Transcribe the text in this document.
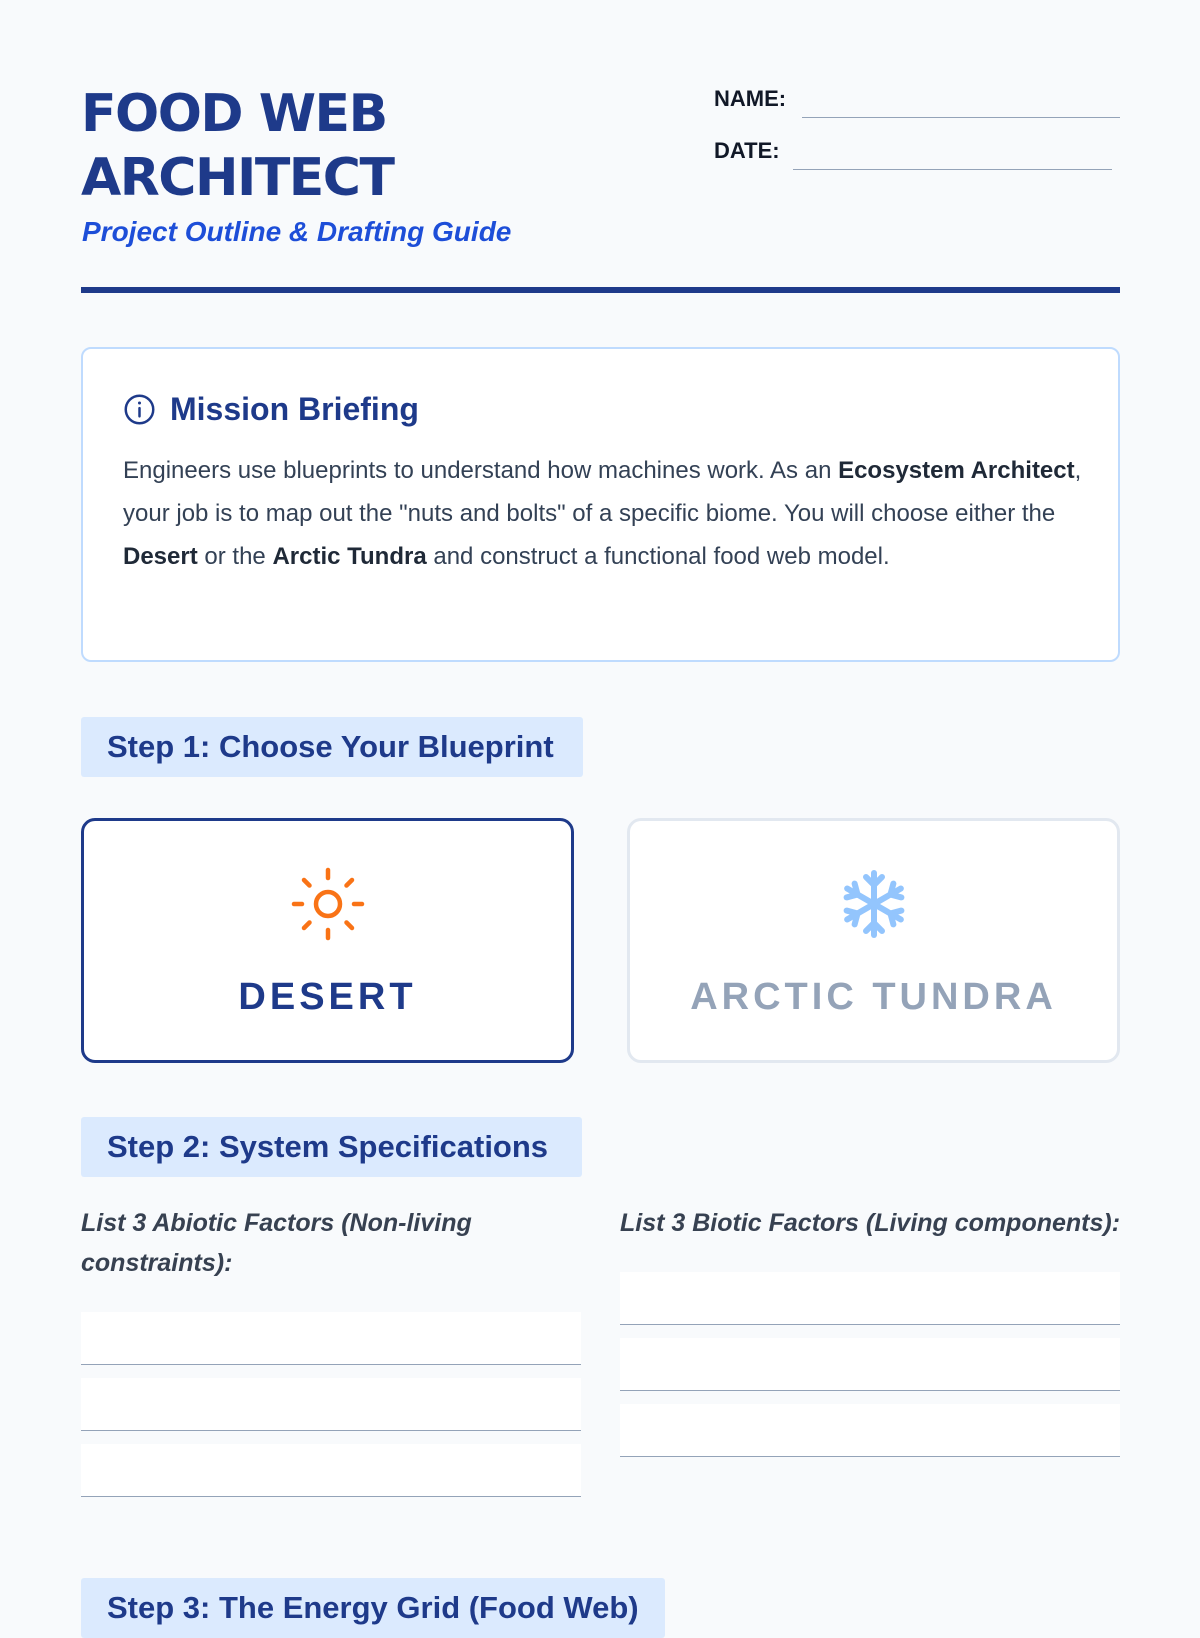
FOOD WEB
ARCHITECT
Project Outline & Drafting Guide
NAME:
DATE:
Mission Briefing

Engineers use blueprints to understand how machines work. As an Ecosystem Architect, your job is to map out the "nuts and bolts" of a specific biome. You will choose either the Desert or the Arctic Tundra and construct a functional food web model.

Step 1: Choose Your Blueprint
DESERT	ARCTIC TUNDRA
Step 2: System Specifications

List 3 Abiotic Factors (Non-living constraints):

List 3 Biotic Factors (Living components):

Step 3: The Energy Grid (Food Web)
